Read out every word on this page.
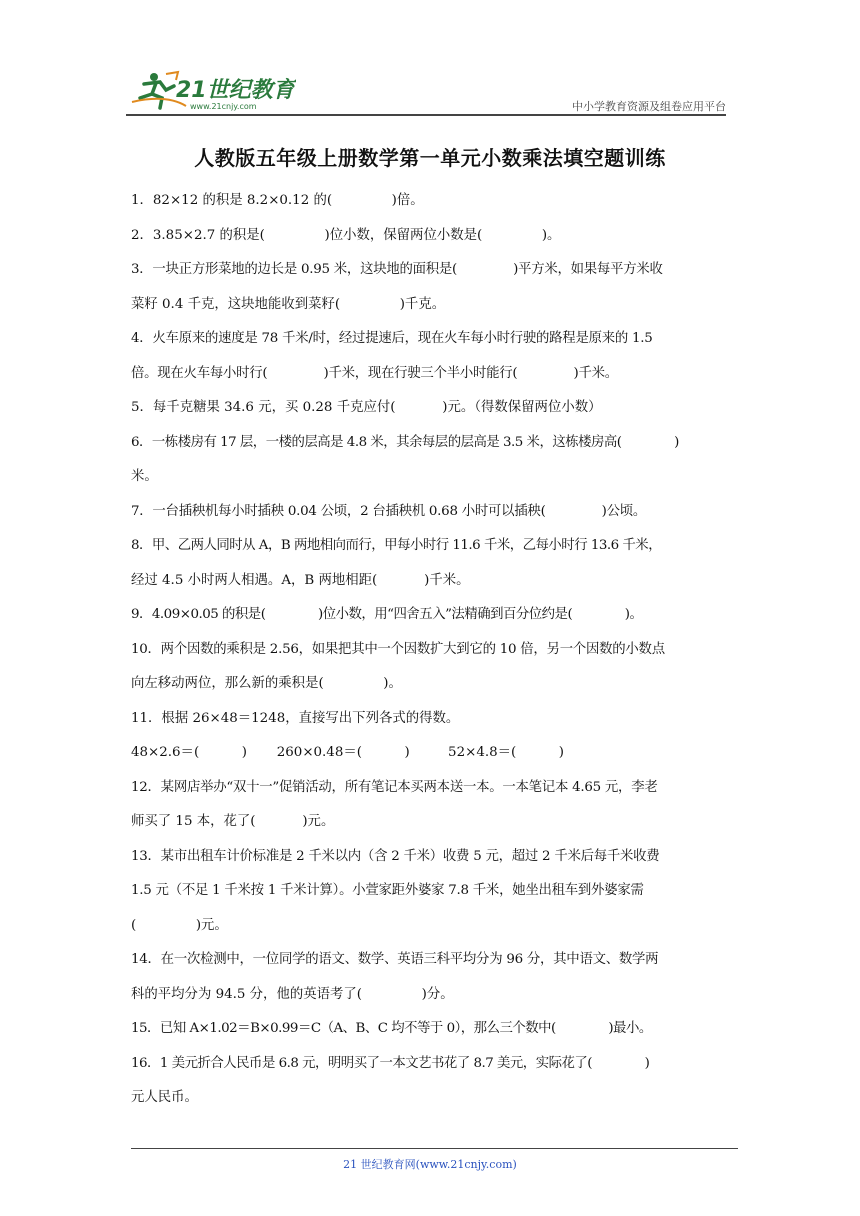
21世纪教育
www.21cnjy.com	中小学教育资源及组卷应用平台
人教版五年级上册数学第一单元小数乘法填空题训练

1．82×12 的积是 8.2×0.12 的(              )倍。

2．3.85×2.7 的积是(              )位小数，保留两位小数是(              )。

3．一块正方形菜地的边长是 0.95 米，这块地的面积是(              )平方米，如果每平方米收

菜籽 0.4 千克，这块地能收到菜籽(              )千克。

4．火车原来的速度是 78 千米/时，经过提速后，现在火车每小时行驶的路程是原来的 1.5

倍。现在火车每小时行(              )千米，现在行驶三个半小时能行(              )千米。

5．每千克糖果 34.6 元，买 0.28 千克应付(           )元。（得数保留两位小数）

6．一栋楼房有 17 层，一楼的层高是 4.8 米，其余每层的层高是 3.5 米，这栋楼房高(              )

米。

7．一台插秧机每小时插秧 0.04 公顷，2 台插秧机 0.68 小时可以插秧(              )公顷。

8．甲、乙两人同时从 A，B 两地相向而行，甲每小时行 11.6 千米，乙每小时行 13.6 千米，

经过 4.5 小时两人相遇。A，B 两地相距(           )千米。

9．4.09×0.05 的积是(              )位小数，用“四舍五入”法精确到百分位约是(              )。

10．两个因数的乘积是 2.56，如果把其中一个因数扩大到它的 10 倍，另一个因数的小数点

向左移动两位，那么新的乘积是(              )。

11．根据 26×48＝1248，直接写出下列各式的得数。

48×2.6＝(          )       260×0.48＝(          )         52×4.8＝(          )

12．某网店举办“双十一”促销活动，所有笔记本买两本送一本。一本笔记本 4.65 元，李老

师买了 15 本，花了(           )元。

13．某市出租车计价标准是 2 千米以内（含 2 千米）收费 5 元，超过 2 千米后每千米收费

1.5 元（不足 1 千米按 1 千米计算）。小萱家距外婆家 7.8 千米，她坐出租车到外婆家需

(              )元。

14．在一次检测中，一位同学的语文、数学、英语三科平均分为 96 分，其中语文、数学两

科的平均分为 94.5 分，他的英语考了(              )分。

15．已知 A×1.02＝B×0.99＝C（A、B、C 均不等于 0），那么三个数中(              )最小。

16．1 美元折合人民币是 6.8 元，明明买了一本文艺书花了 8.7 美元，实际花了(              )

元人民币。

21 世纪教育网(www.21cnjy.com)
